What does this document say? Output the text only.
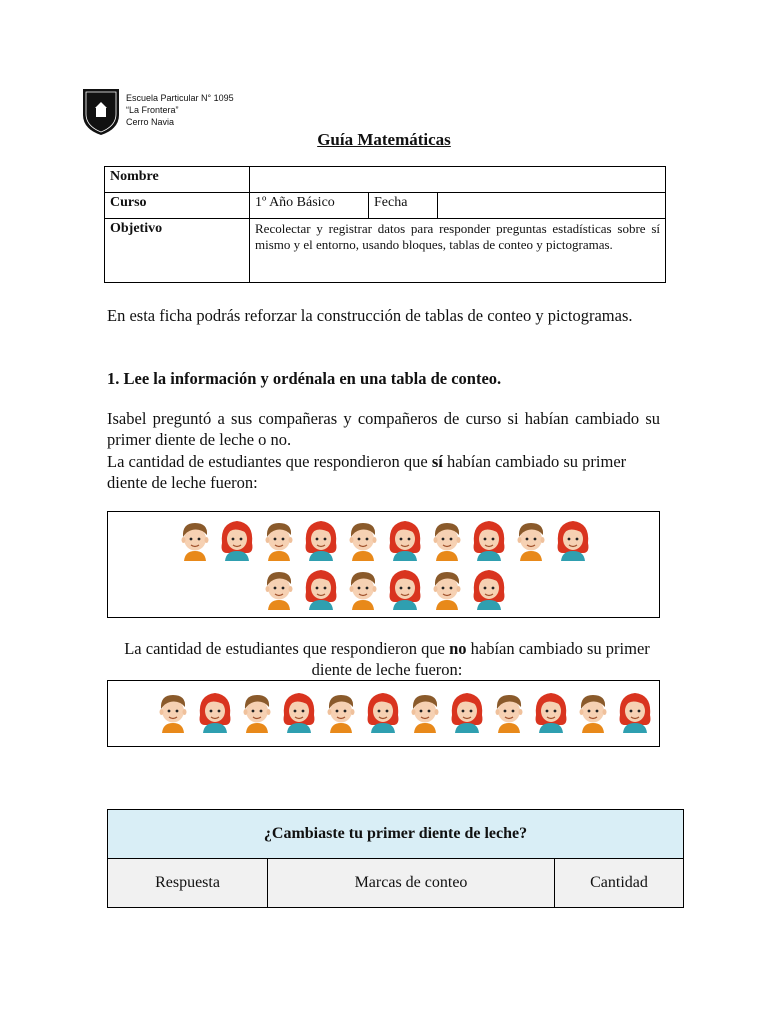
Escuela Particular N° 1095
“La Frontera”
Cerro Navia
Guía Matemáticas
Nombre			
Curso	1º Año Básico	Fecha	
Objetivo	Recolectar y registrar datos para responder preguntas estadísticas sobre sí mismo y el entorno, usando bloques, tablas de conteo y pictogramas.		
En esta ficha podrás reforzar la construcción de tablas de conteo y pictogramas.
1. Lee la información y ordénala en una tabla de conteo.
Isabel preguntó a sus compañeras y compañeros de curso si habían cambiado su primer diente de leche o no.
La cantidad de estudiantes que respondieron que sí habían cambiado su primer diente de leche fueron:
La cantidad de estudiantes que respondieron que no habían cambiado su primer diente de leche fueron:
¿Cambiaste tu primer diente de leche?
Respuesta	Marcas de conteo	Cantidad
